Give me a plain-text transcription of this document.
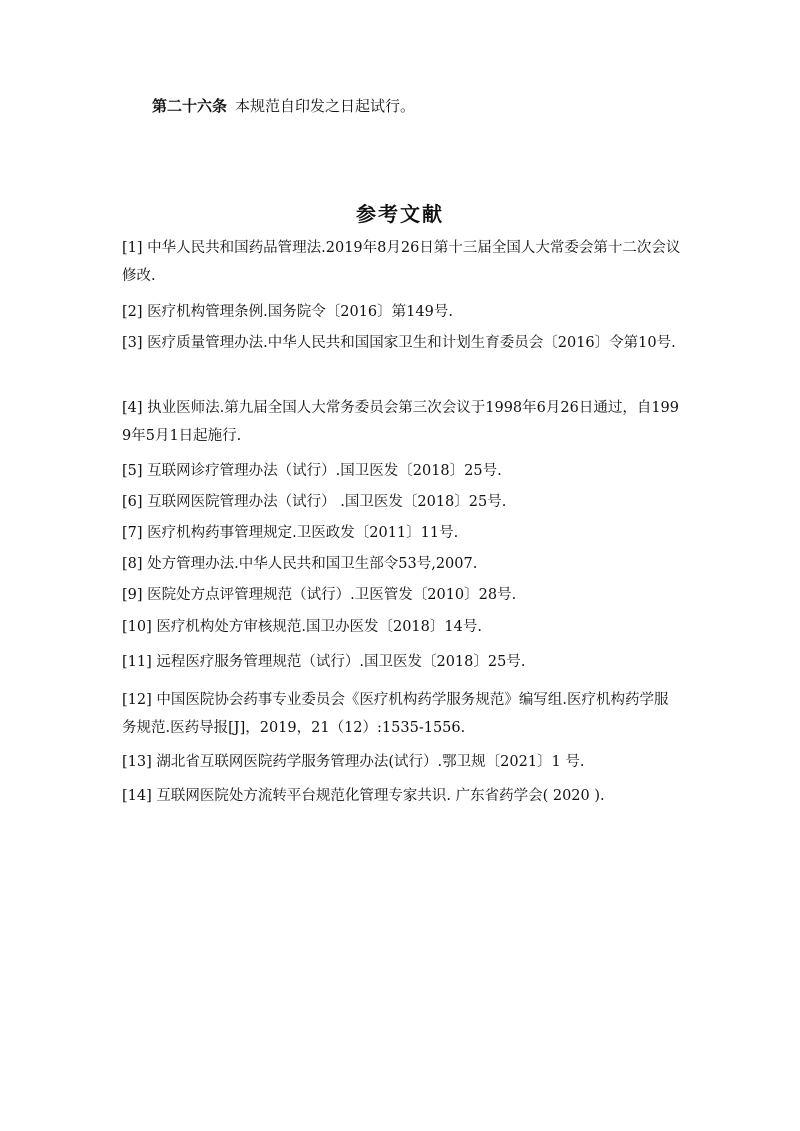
第二十六条 本规范自印发之日起试行。
参考文献
[1] 中华人民共和国药品管理法.2019年8月26日第十三届全国人大常委会第十二次会议修改.
[2] 医疗机构管理条例.国务院令〔2016〕第149号.
[3] 医疗质量管理办法.中华人民共和国国家卫生和计划生育委员会〔2016〕令第10号.
[4] 执业医师法.第九届全国人大常务委员会第三次会议于1998年6月26日通过，自1999年5月1日起施行.
[5] 互联网诊疗管理办法（试行）.国卫医发〔2018〕25号.
[6] 互联网医院管理办法（试行） .国卫医发〔2018〕25号.
[7] 医疗机构药事管理规定.卫医政发〔2011〕11号.
[8] 处方管理办法.中华人民共和国卫生部令53号,2007.
[9] 医院处方点评管理规范（试行）.卫医管发〔2010〕28号.
[10] 医疗机构处方审核规范.国卫办医发〔2018〕14号.
[11] 远程医疗服务管理规范（试行）.国卫医发〔2018〕25号.
[12] 中国医院协会药事专业委员会《医疗机构药学服务规范》编写组.医疗机构药学服务规范.医药导报[J]，2019，21（12）:1535-1556.
[13] 湖北省互联网医院药学服务管理办法(试行）.鄂卫规〔2021〕1 号.
[14] 互联网医院处方流转平台规范化管理专家共识. 广东省药学会( 2020 ).
